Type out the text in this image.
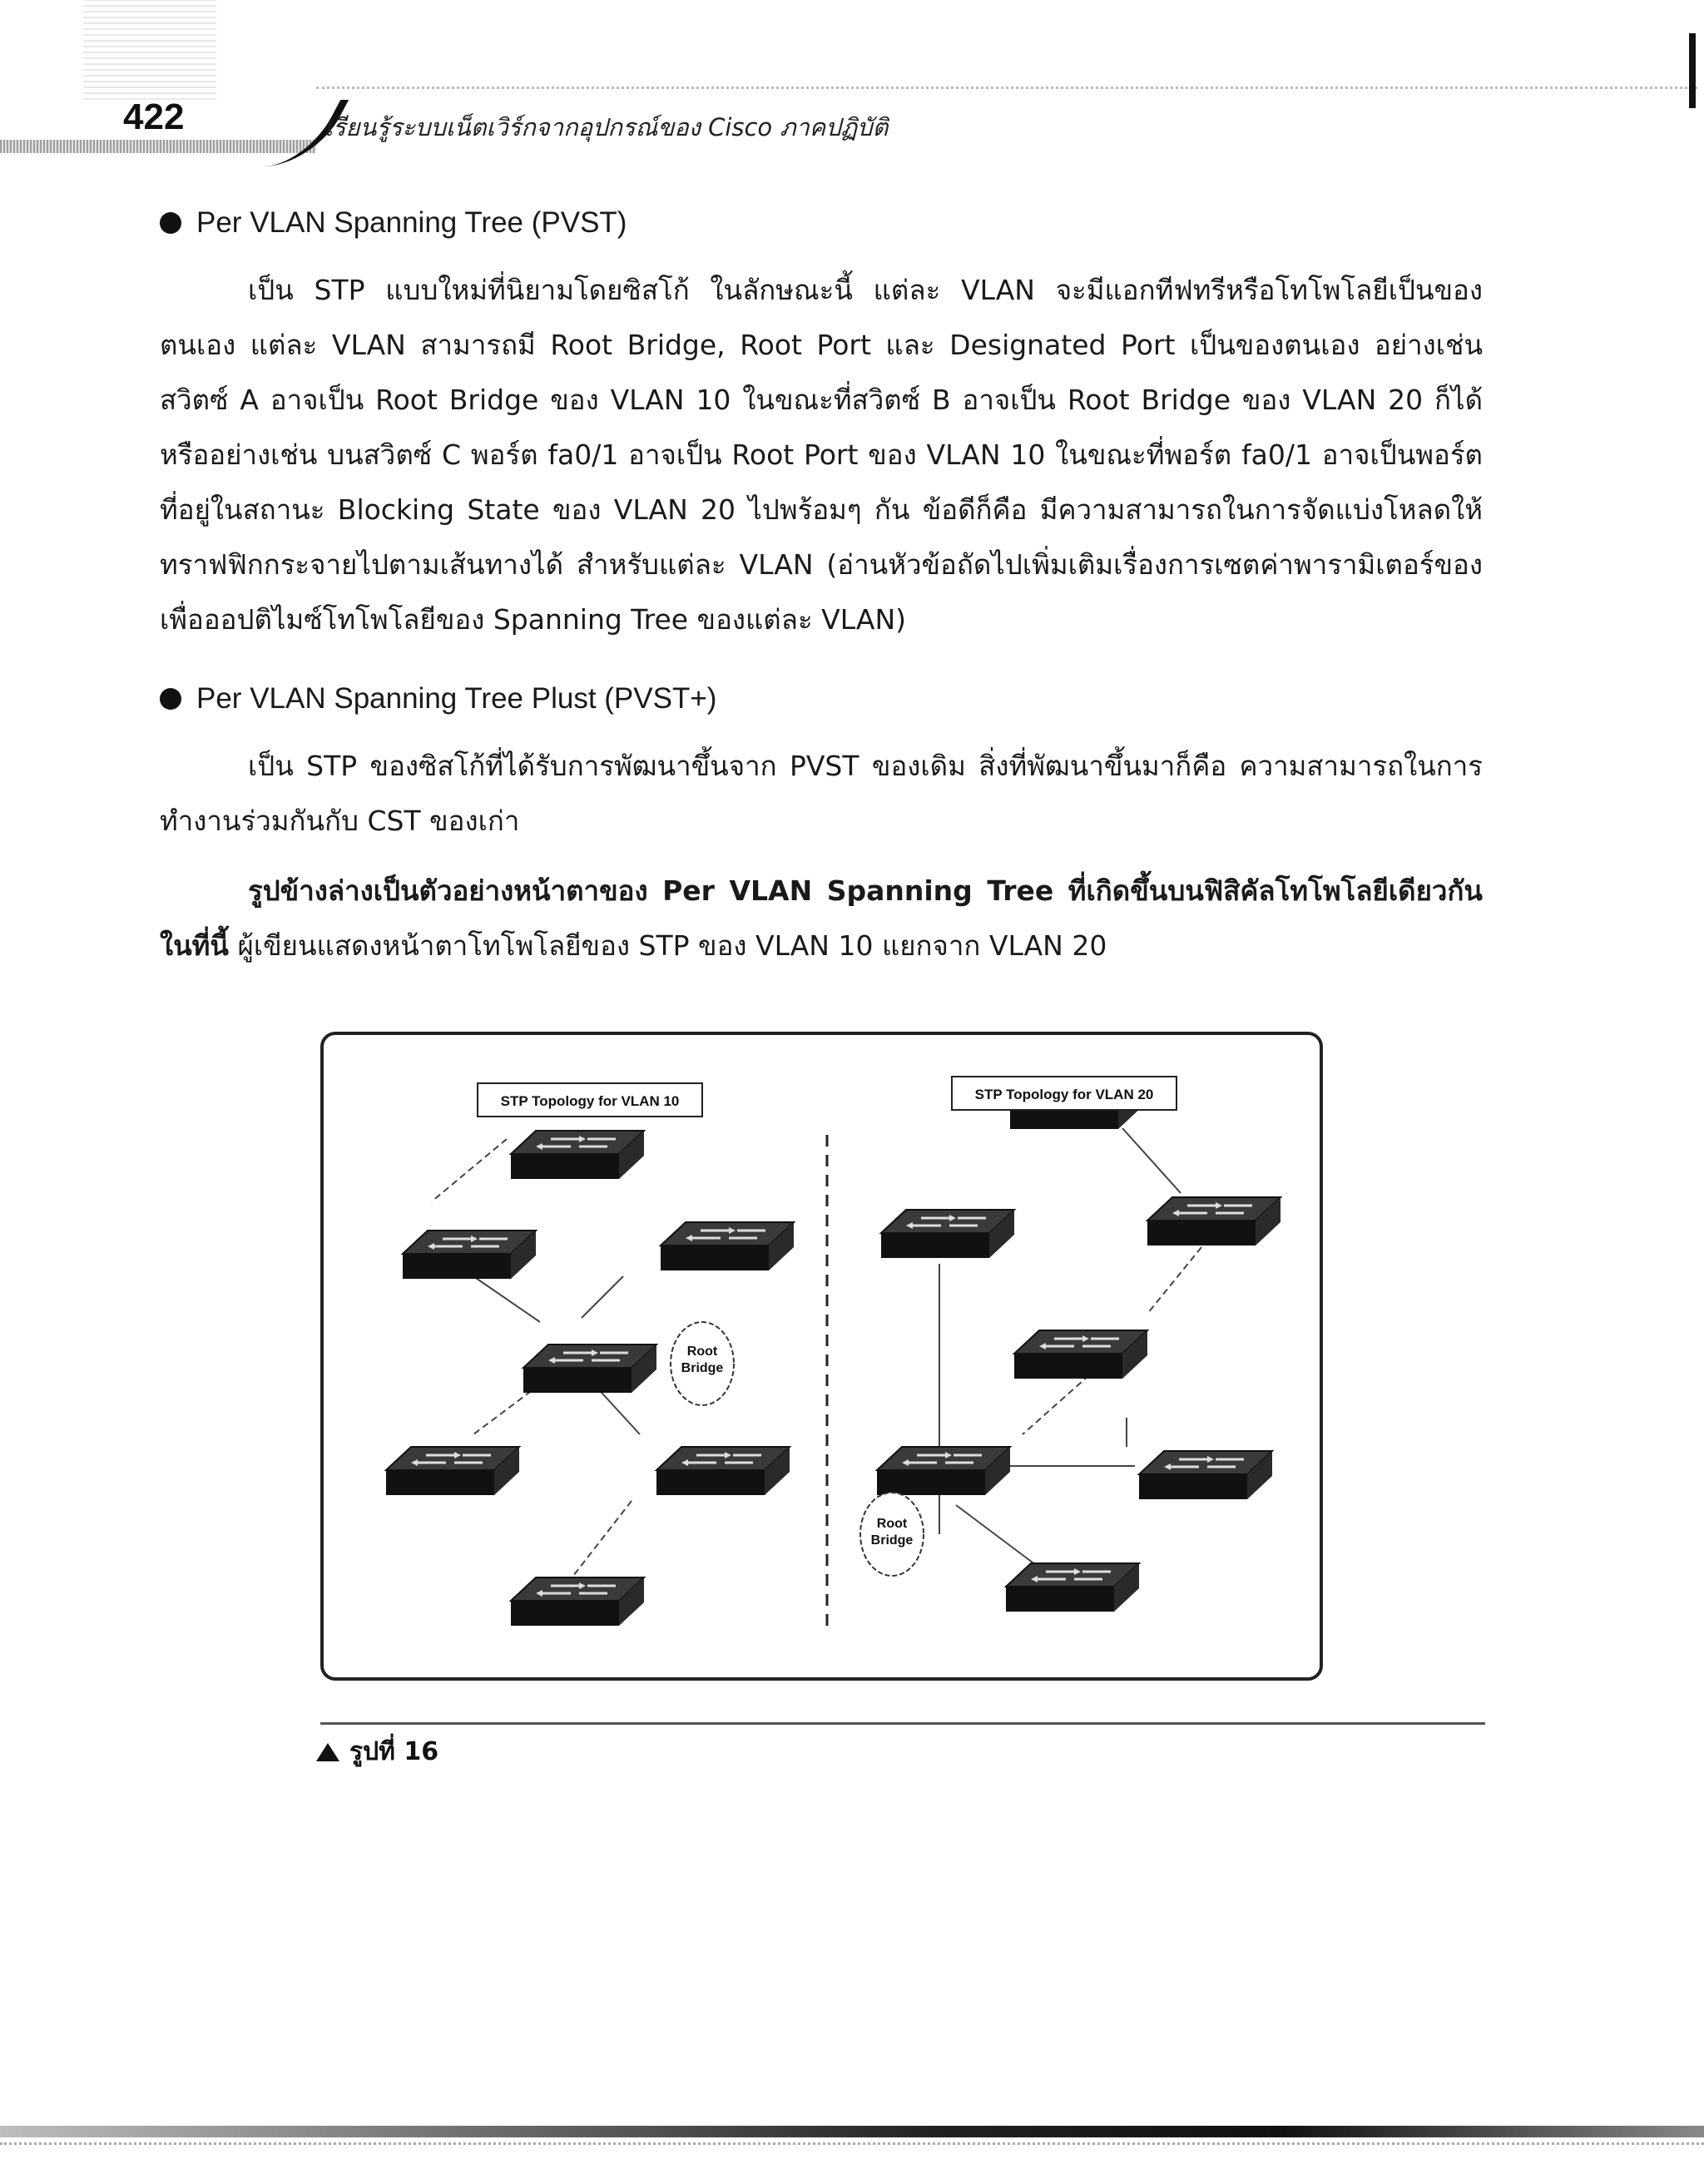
422	เรียนรู้ระบบเน็ตเวิร์กจากอุปกรณ์ของ Cisco ภาคปฏิบัติ
Per VLAN Spanning Tree (PVST)
เป็น STP แบบใหม่ที่นิยามโดยซิสโก้ ในลักษณะนี้ แต่ละ VLAN จะมีแอกทีฟทรีหรือโทโพโลยีเป็นของตนเอง แต่ละ VLAN สามารถมี Root Bridge, Root Port และ Designated Port เป็นของตนเอง อย่างเช่น สวิตซ์ A อาจเป็น Root Bridge ของ VLAN 10 ในขณะที่สวิตซ์ B อาจเป็น Root Bridge ของ VLAN 20 ก็ได้ หรืออย่างเช่น บนสวิตซ์ C พอร์ต fa0/1 อาจเป็น Root Port ของ VLAN 10 ในขณะที่พอร์ต fa0/1 อาจเป็นพอร์ตที่อยู่ในสถานะ Blocking State ของ VLAN 20 ไปพร้อมๆ กัน ข้อดีก็คือ มีความสามารถในการจัดแบ่งโหลดให้ทราฟฟิกกระจายไปตามเส้นทางได้ สำหรับแต่ละ VLAN (อ่านหัวข้อถัดไปเพิ่มเติมเรื่องการเซตค่าพารามิเตอร์ของเพื่อออปติไมซ์โทโพโลยีของ Spanning Tree ของแต่ละ VLAN)
Per VLAN Spanning Tree Plust (PVST+)
เป็น STP ของซิสโก้ที่ได้รับการพัฒนาขึ้นจาก PVST ของเดิม สิ่งที่พัฒนาขึ้นมาก็คือ ความสามารถในการทำงานร่วมกันกับ CST ของเก่า
รูปข้างล่างเป็นตัวอย่างหน้าตาของ Per VLAN Spanning Tree ที่เกิดขึ้นบนฟิสิคัลโทโพโลยีเดียวกัน ในที่นี้ ผู้เขียนแสดงหน้าตาโทโพโลยีของ STP ของ VLAN 10 แยกจาก VLAN 20
STP Topology for VLAN 10	STP Topology for VLAN 20
Root
Bridge
Root
Bridge
รูปที่ 16
